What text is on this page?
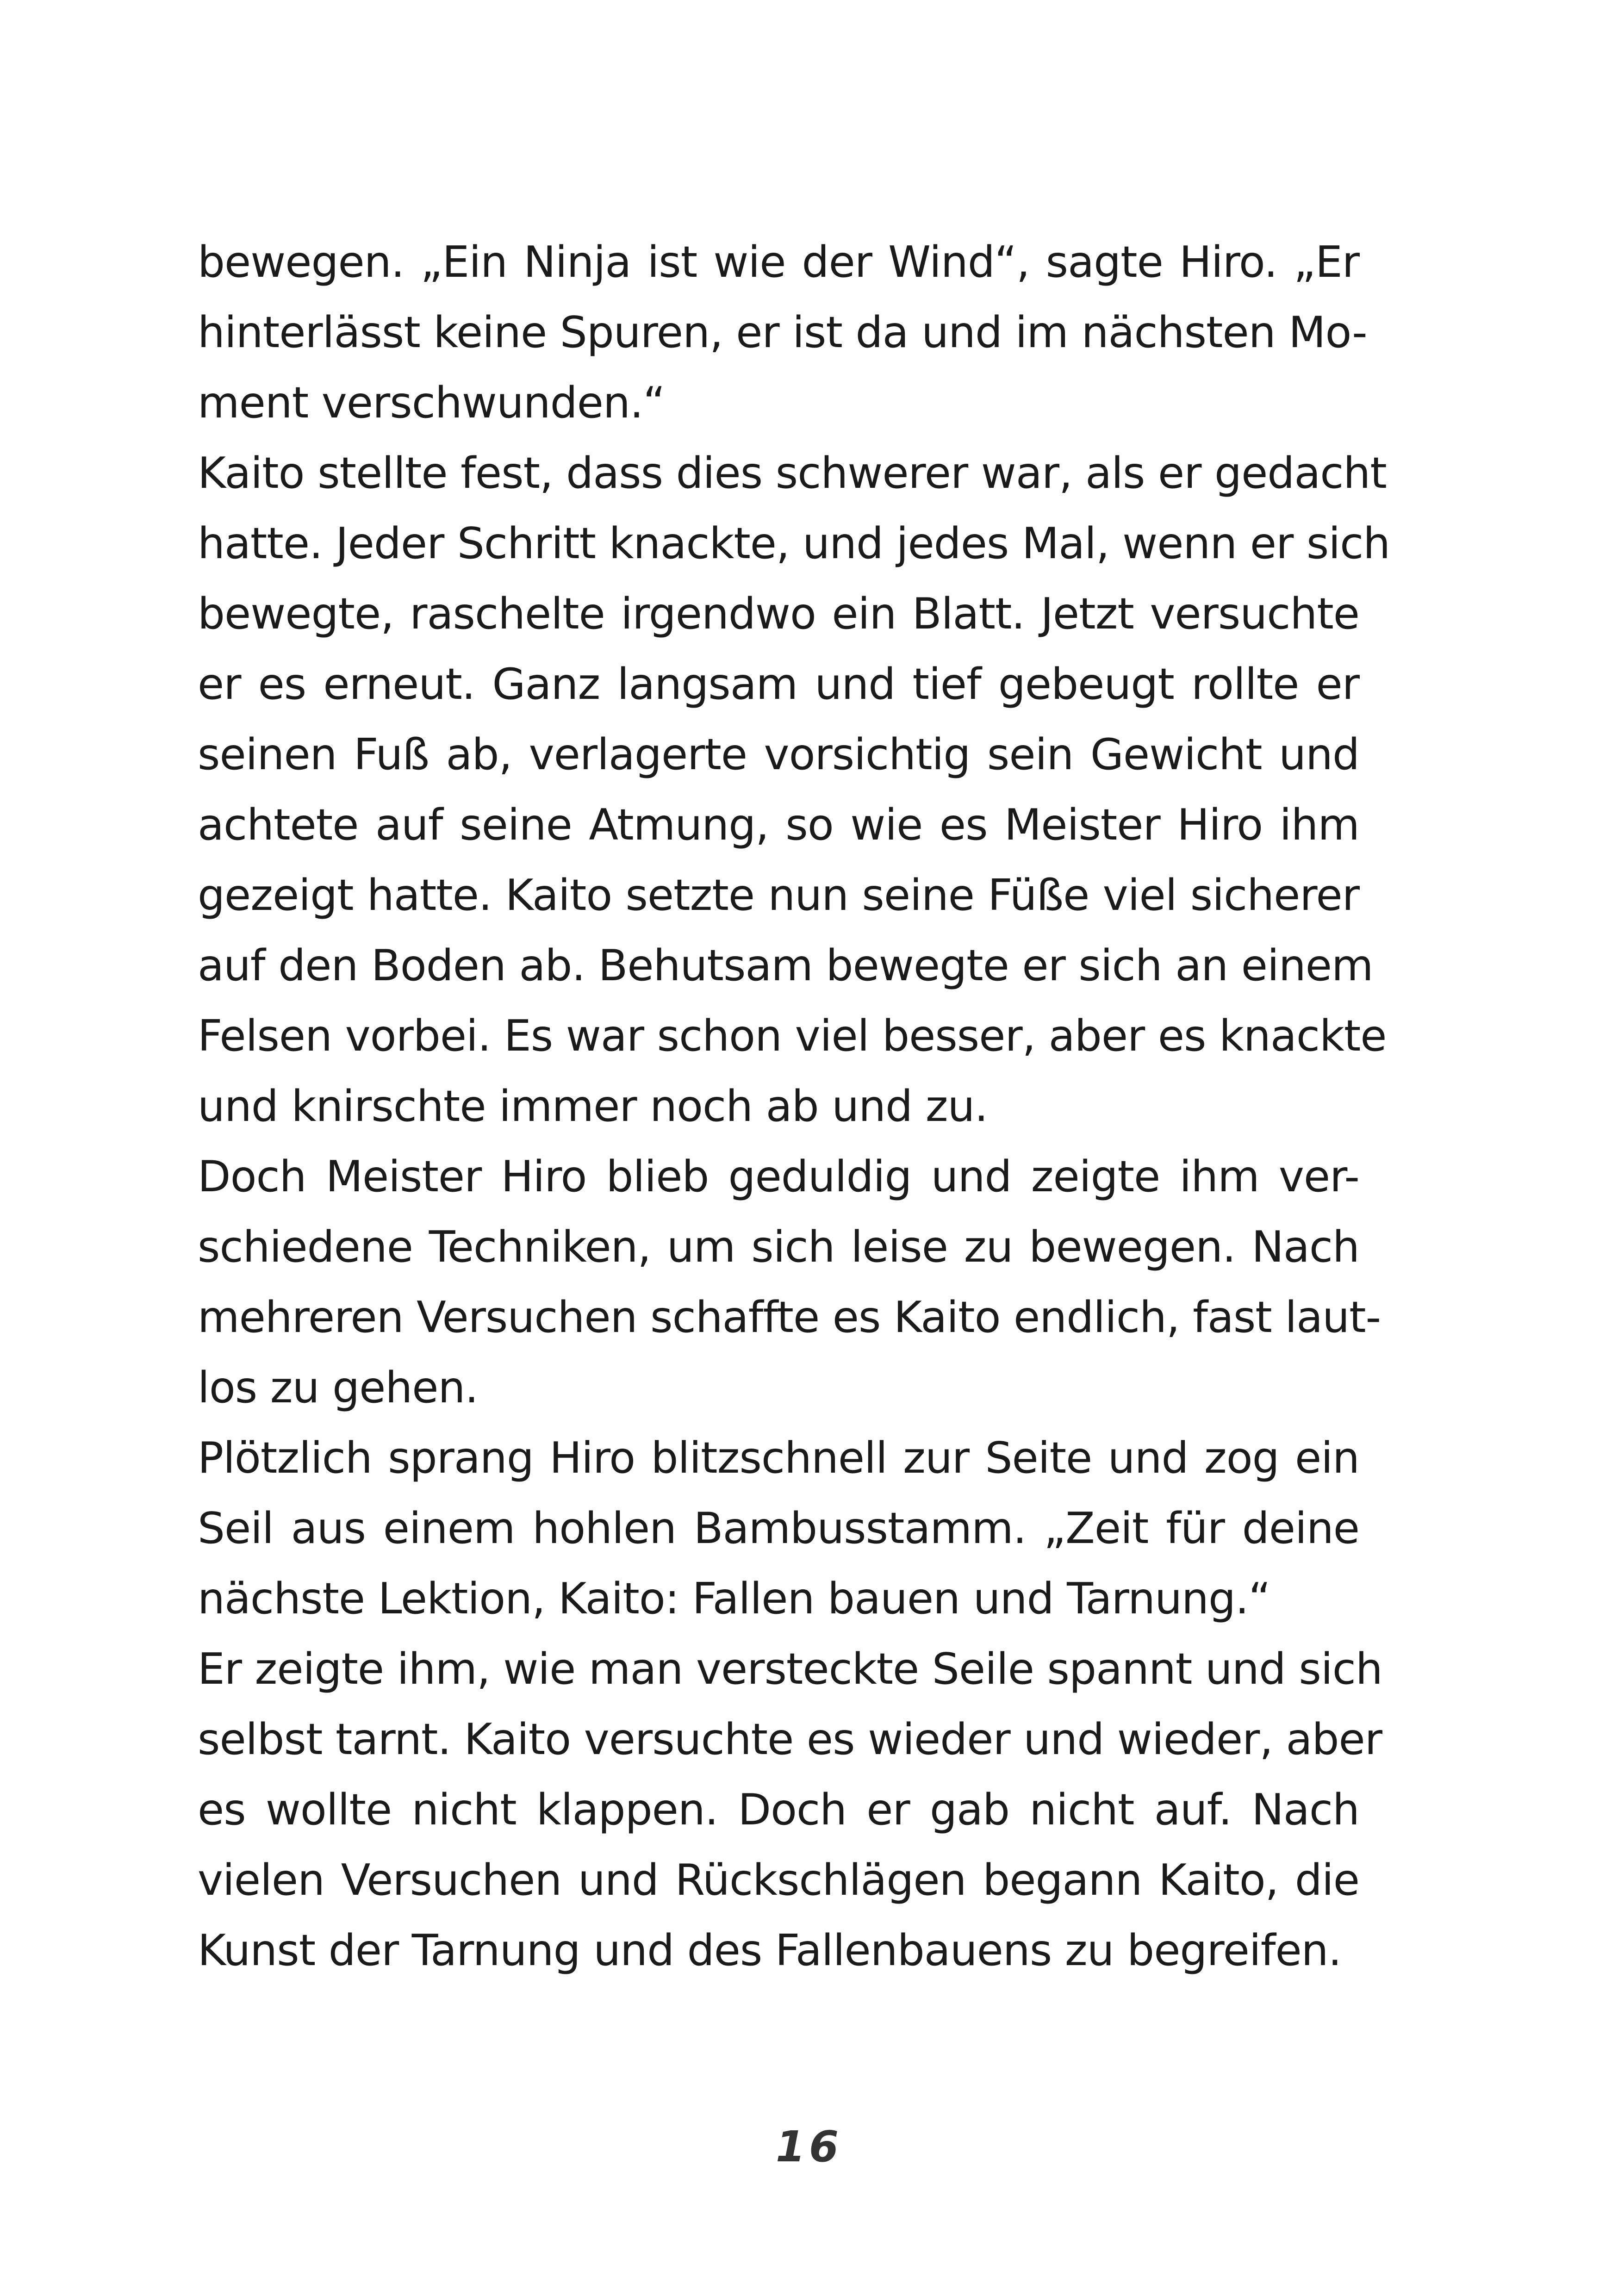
bewegen. „Ein Ninja ist wie der Wind“, sagte Hiro. „Er
hinterlässt keine Spuren, er ist da und im nächsten Mo-
ment verschwunden.“
Kaito stellte fest, dass dies schwerer war, als er gedacht
hatte. Jeder Schritt knackte, und jedes Mal, wenn er sich
bewegte, raschelte irgendwo ein Blatt. Jetzt versuchte
er es erneut. Ganz langsam und tief gebeugt rollte er
seinen Fuß ab, verlagerte vorsichtig sein Gewicht und
achtete auf seine Atmung, so wie es Meister Hiro ihm
gezeigt hatte. Kaito setzte nun seine Füße viel sicherer
auf den Boden ab. Behutsam bewegte er sich an einem
Felsen vorbei. Es war schon viel besser, aber es knackte
und knirschte immer noch ab und zu.
Doch Meister Hiro blieb geduldig und zeigte ihm ver-
schiedene Techniken, um sich leise zu bewegen. Nach
mehreren Versuchen schaffte es Kaito endlich, fast laut-
los zu gehen.
Plötzlich sprang Hiro blitzschnell zur Seite und zog ein
Seil aus einem hohlen Bambusstamm. „Zeit für deine
nächste Lektion, Kaito: Fallen bauen und Tarnung.“
Er zeigte ihm, wie man versteckte Seile spannt und sich
selbst tarnt. Kaito versuchte es wieder und wieder, aber
es wollte nicht klappen. Doch er gab nicht auf. Nach
vielen Versuchen und Rückschlägen begann Kaito, die
Kunst der Tarnung und des Fallenbauens zu begreifen.
16
